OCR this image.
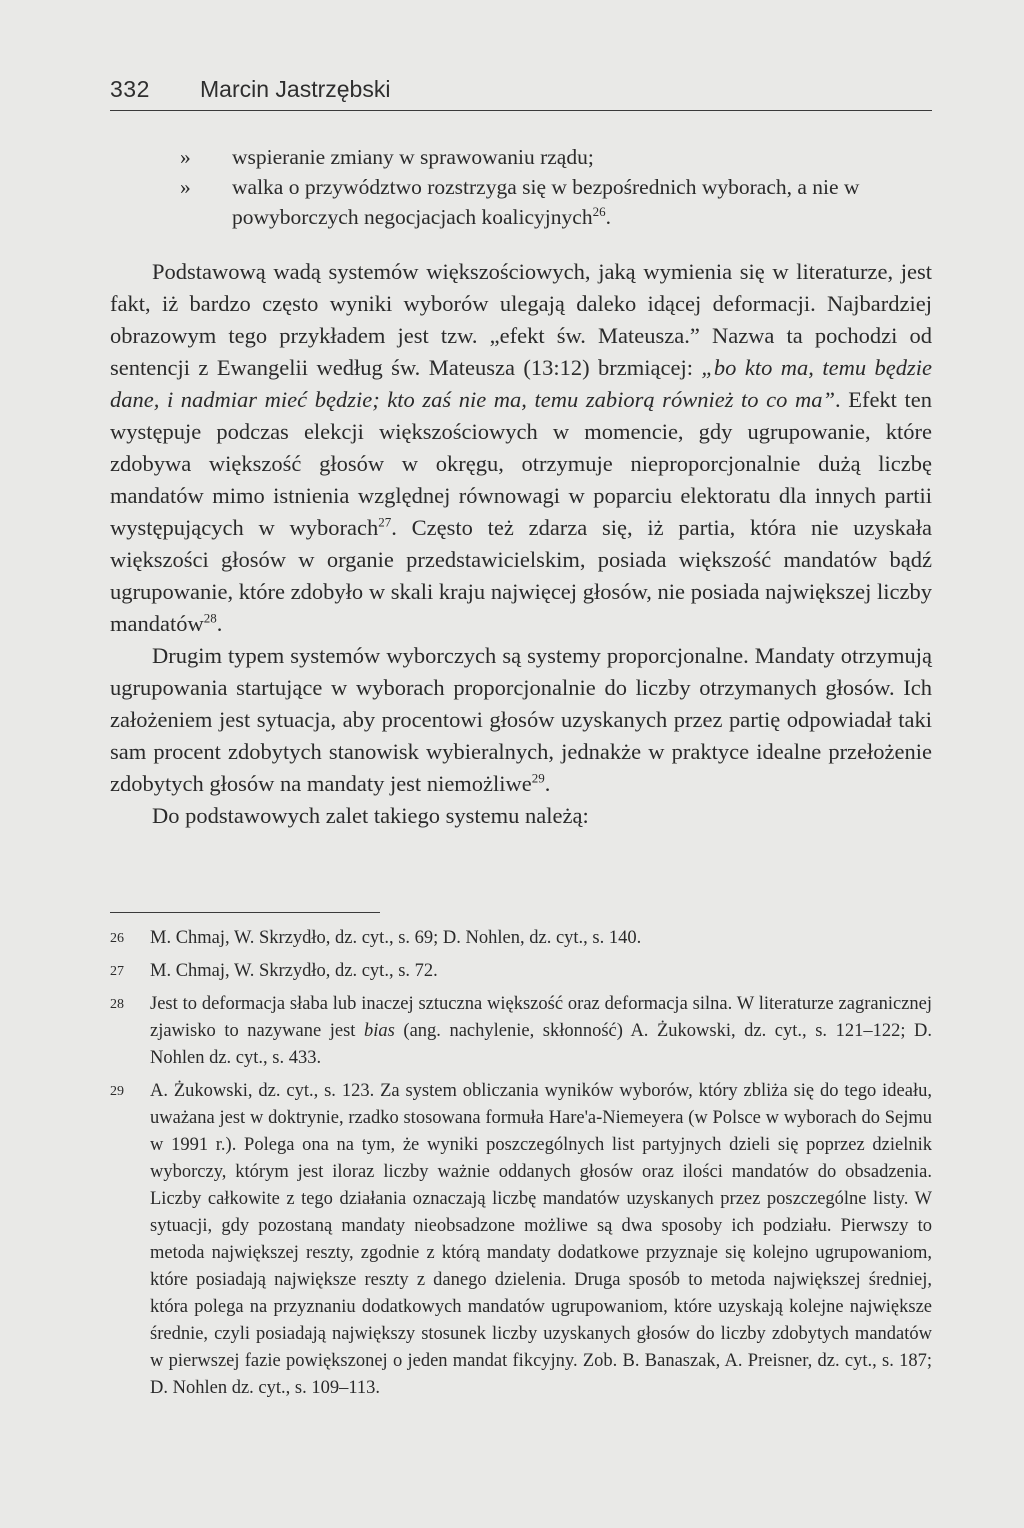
332 Marcin Jastrzębski
» wspieranie zmiany w sprawowaniu rządu;
» walka o przywództwo rozstrzyga się w bezpośrednich wyborach, a nie w powyborczych negocjacjach koalicyjnych$^{26}$.

Podstawową wadą systemów większościowych, jaką wymienia się w literaturze, jest fakt, iż bardzo często wyniki wyborów ulegają daleko idącej deformacji. Najbardziej obrazowym tego przykładem jest tzw. „efekt św. Mateusza.” Nazwa ta pochodzi od sentencji z Ewangelii według św. Mateusza (13:12) brzmiącej: „bo kto ma, temu będzie dane, i nadmiar mieć będzie; kto zaś nie ma, temu zabiorą również to co ma”. Efekt ten występuje podczas elekcji większościowych w momencie, gdy ugrupowanie, które zdobywa większość głosów w okręgu, otrzymuje nieproporcjonalnie dużą liczbę mandatów mimo istnienia względnej równowagi w poparciu elektoratu dla innych partii występujących w wyborach$^{27}$. Często też zdarza się, iż partia, która nie uzyskała większości głosów w organie przedstawicielskim, posiada większość mandatów bądź ugrupowanie, które zdobyło w skali kraju najwięcej głosów, nie posiada największej liczby mandatów$^{28}$.

Drugim typem systemów wyborczych są systemy proporcjonalne. Mandaty otrzymują ugrupowania startujące w wyborach proporcjonalnie do liczby otrzymanych głosów. Ich założeniem jest sytuacja, aby procentowi głosów uzyskanych przez partię odpowiadał taki sam procent zdobytych stanowisk wybieralnych, jednakże w praktyce idealne przełożenie zdobytych głosów na mandaty jest niemożliwe$^{29}$.

Do podstawowych zalet takiego systemu należą:

26 M. Chmaj, W. Skrzydło, dz. cyt., s. 69; D. Nohlen, dz. cyt., s. 140.
27 M. Chmaj, W. Skrzydło, dz. cyt., s. 72.
28 Jest to deformacja słaba lub inaczej sztuczna większość oraz deformacja silna. W literaturze zagranicznej zjawisko to nazywane jest bias (ang. nachylenie, skłonność) A. Żukowski, dz. cyt., s. 121–122; D. Nohlen dz. cyt., s. 433.
29 A. Żukowski, dz. cyt., s. 123. Za system obliczania wyników wyborów, który zbliża się do tego ideału, uważana jest w doktrynie, rzadko stosowana formuła Hare'a-Niemeyera (w Polsce w wyborach do Sejmu w 1991 r.). Polega ona na tym, że wyniki poszczególnych list partyjnych dzieli się poprzez dzielnik wyborczy, którym jest iloraz liczby ważnie oddanych głosów oraz ilości mandatów do obsadzenia. Liczby całkowite z tego działania oznaczają liczbę mandatów uzyskanych przez poszczególne listy. W sytuacji, gdy pozostaną mandaty nieobsadzone możliwe są dwa sposoby ich podziału. Pierwszy to metoda największej reszty, zgodnie z którą mandaty dodatkowe przyznaje się kolejno ugrupowaniom, które posiadają największe reszty z danego dzielenia. Druga sposób to metoda największej średniej, która polega na przyznaniu dodatkowych mandatów ugrupowaniom, które uzyskają kolejne największe średnie, czyli posiadają największy stosunek liczby uzyskanych głosów do liczby zdobytych mandatów w pierwszej fazie powiększonej o jeden mandat fikcyjny. Zob. B. Banaszak, A. Preisner, dz. cyt., s. 187; D. Nohlen dz. cyt., s. 109–113.
